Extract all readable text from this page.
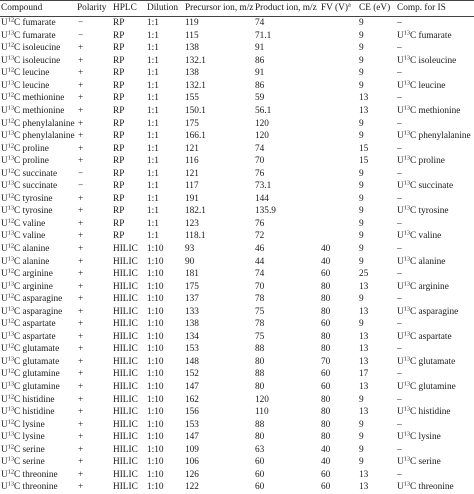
Compound	Polarity	HPLC	Dilution	Precursor ion, m/z	Product ion, m/z	FV $(V)^a$	CE (eV)	Comp. for IS
$U^{12}C$ fumarate	−	RP	1:1	119	74		9	–
$U^{13}C$ fumarate	−	RP	1:1	115	71.1		9	$U^{13}C$ fumarate
$U^{12}C$ isoleucine	+	RP	1:1	138	91		9	–
$U^{13}C$ isoleucine	+	RP	1:1	132.1	86		9	$U^{13}C$ isoleucine
$U^{12}C$ leucine	+	RP	1:1	138	91		9	–
$U^{13}C$ leucine	+	RP	1:1	132.1	86		9	$U^{13}C$ leucine
$U^{12}C$ methionine	+	RP	1:1	155	59		13	–
$U^{13}C$ methionine	+	RP	1:1	150.1	56.1		13	$U^{13}C$ methionine
$U^{12}C$ phenylalanine	+	RP	1:1	175	120		9	–
$U^{13}C$ phenylalanine	+	RP	1:1	166.1	120		9	$U^{13}C$ phenylalanine
$U^{12}C$ proline	+	RP	1:1	121	74		15	–
$U^{13}C$ proline	+	RP	1:1	116	70		15	$U^{13}C$ proline
$U^{12}C$ succinate	−	RP	1:1	121	76		9	–
$U^{13}C$ succinate	−	RP	1:1	117	73.1		9	$U^{13}C$ succinate
$U^{12}C$ tyrosine	+	RP	1:1	191	144		9	–
$U^{13}C$ tyrosine	+	RP	1:1	182.1	135.9		9	$U^{13}C$ tyrosine
$U^{12}C$ valine	+	RP	1:1	123	76		9	–
$U^{13}C$ valine	+	RP	1:1	118.1	72		9	$U^{13}C$ valine
$U^{12}C$ alanine	+	HILIC	1:10	93	46	40	9	–
$U^{13}C$ alanine	+	HILIC	1:10	90	44	40	9	$U^{13}C$ alanine
$U^{12}C$ arginine	+	HILIC	1:10	181	74	60	25	–
$U^{13}C$ arginine	+	HILIC	1:10	175	70	80	13	$U^{13}C$ arginine
$U^{12}C$ asparagine	+	HILIC	1:10	137	78	80	9	–
$U^{13}C$ asparagine	+	HILIC	1:10	133	75	80	13	$U^{13}C$ asparagine
$U^{12}C$ aspartate	+	HILIC	1:10	138	78	60	9	–
$U^{13}C$ aspartate	+	HILIC	1:10	134	75	80	13	$U^{13}C$ aspartate
$U^{12}C$ glutamate	+	HILIC	1:10	153	88	80	13	–
$U^{13}C$ glutamate	+	HILIC	1:10	148	80	70	13	$U^{13}C$ glutamate
$U^{12}C$ glutamine	+	HILIC	1:10	152	88	60	17	–
$U^{13}C$ glutamine	+	HILIC	1:10	147	80	60	13	$U^{13}C$ glutamine
$U^{12}C$ histidine	+	HILIC	1:10	162	120	80	9	–
$U^{13}C$ histidine	+	HILIC	1:10	156	110	80	13	$U^{13}C$ histidine
$U^{12}C$ lysine	+	HILIC	1:10	153	88	80	9	–
$U^{13}C$ lysine	+	HILIC	1:10	147	80	80	9	$U^{13}C$ lysine
$U^{12}C$ serine	+	HILIC	1:10	109	63	40	9	–
$U^{13}C$ serine	+	HILIC	1:10	106	60	40	9	$U^{13}C$ serine
$U^{12}C$ threonine	+	HILIC	1:10	126	60	60	13	–
$U^{13}C$ threonine	+	HILIC	1:10	122	60	60	13	$U^{13}C$ threonine
